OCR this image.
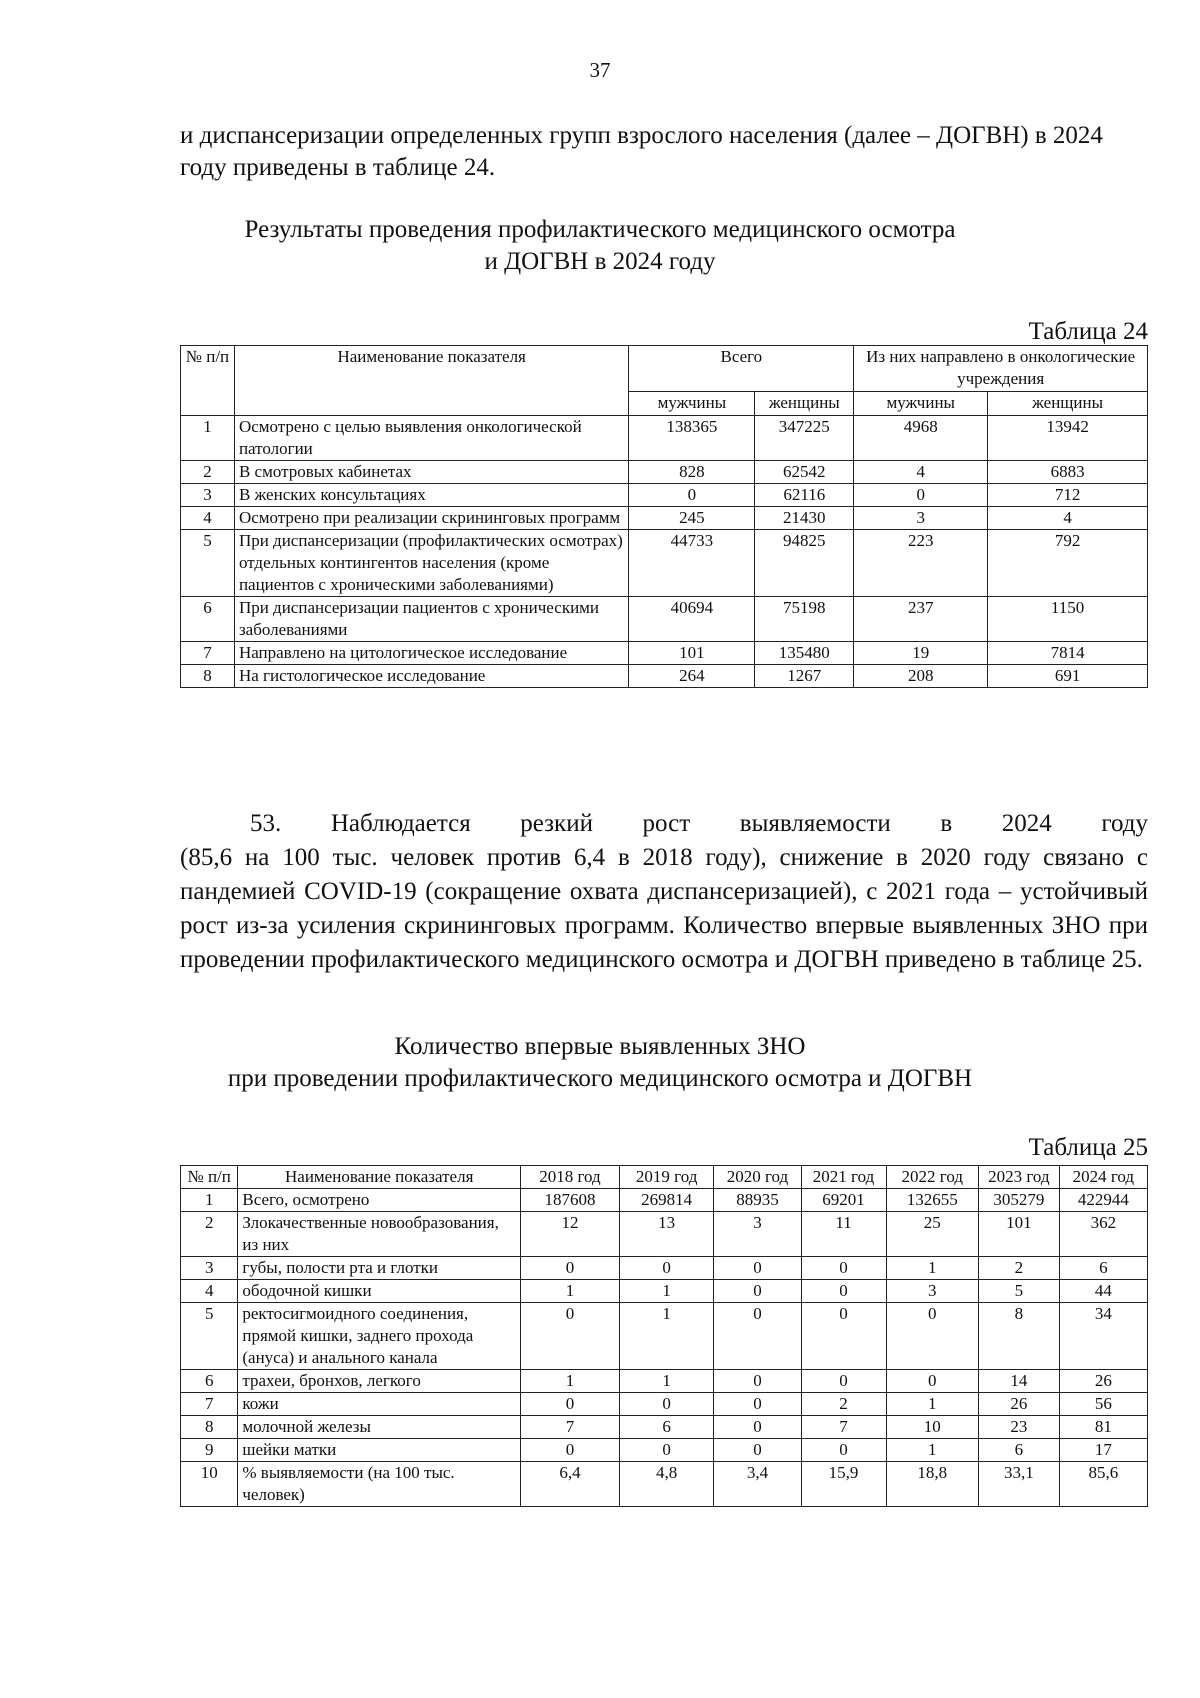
37
и диспансеризации определенных групп взрослого населения (далее – ДОГВН) в 2024 году приведены в таблице 24.
Результаты проведения профилактического медицинского осмотра
и ДОГВН в 2024 году
Таблица 24
№ п/п	Наименование показателя	Всего		Из них направлено в онкологические учреждения	
		мужчины	женщины	мужчины	женщины
1	Осмотрено с целью выявления онкологической патологии	138365	347225	4968	13942
2	В смотровых кабинетах	828	62542	4	6883
3	В женских консультациях	0	62116	0	712
4	Осмотрено при реализации скрининговых программ	245	21430	3	4
5	При диспансеризации (профилактических осмотрах) отдельных контингентов населения (кроме пациентов с хроническими заболеваниями)	44733	94825	223	792
6	При диспансеризации пациентов с хроническими заболеваниями	40694	75198	237	1150
7	Направлено на цитологическое исследование	101	135480	19	7814
8	На гистологическое исследование	264	1267	208	691
53. Наблюдается резкий рост выявляемости в 2024 году

(85,6 на 100 тыс. человек против 6,4 в 2018 году), снижение в 2020 году связано с пандемией COVID-19 (сокращение охвата диспансеризацией), с 2021 года – устойчивый рост из-за усиления скрининговых программ. Количество впервые выявленных ЗНО при проведении профилактического медицинского осмотра и ДОГВН приведено в таблице 25.

Количество впервые выявленных ЗНО
при проведении профилактического медицинского осмотра и ДОГВН
Таблица 25
№ п/п	Наименование показателя	2018 год	2019 год	2020 год	2021 год	2022 год	2023 год	2024 год
1	Всего, осмотрено	187608	269814	88935	69201	132655	305279	422944
2	Злокачественные новообразования, из них	12	13	3	11	25	101	362
3	губы, полости рта и глотки	0	0	0	0	1	2	6
4	ободочной кишки	1	1	0	0	3	5	44
5	ректосигмоидного соединения, прямой кишки, заднего прохода (ануса) и анального канала	0	1	0	0	0	8	34
6	трахеи, бронхов, легкого	1	1	0	0	0	14	26
7	кожи	0	0	0	2	1	26	56
8	молочной железы	7	6	0	7	10	23	81
9	шейки матки	0	0	0	0	1	6	17
10	% выявляемости (на 100 тыс. человек)	6,4	4,8	3,4	15,9	18,8	33,1	85,6
